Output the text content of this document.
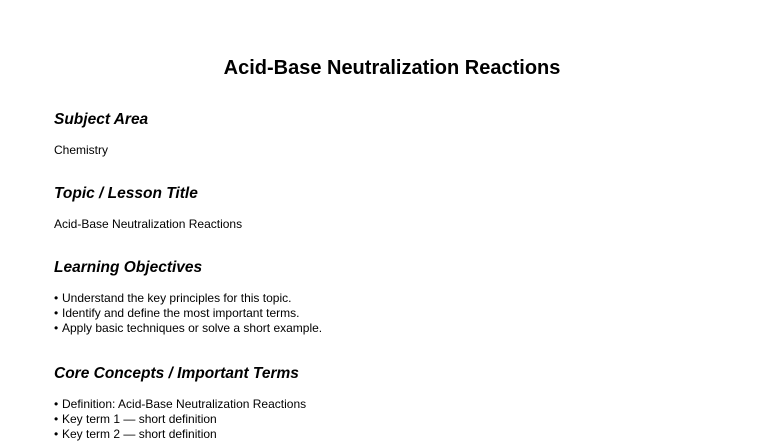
Acid-Base Neutralization Reactions
Subject Area

Chemistry

Topic / Lesson Title

Acid-Base Neutralization Reactions

Learning Objectives
• Understand the key principles for this topic.
• Identify and define the most important terms.
• Apply basic techniques or solve a short example.
Core Concepts / Important Terms
• Definition: Acid-Base Neutralization Reactions
• Key term 1 — short definition
• Key term 2 — short definition
